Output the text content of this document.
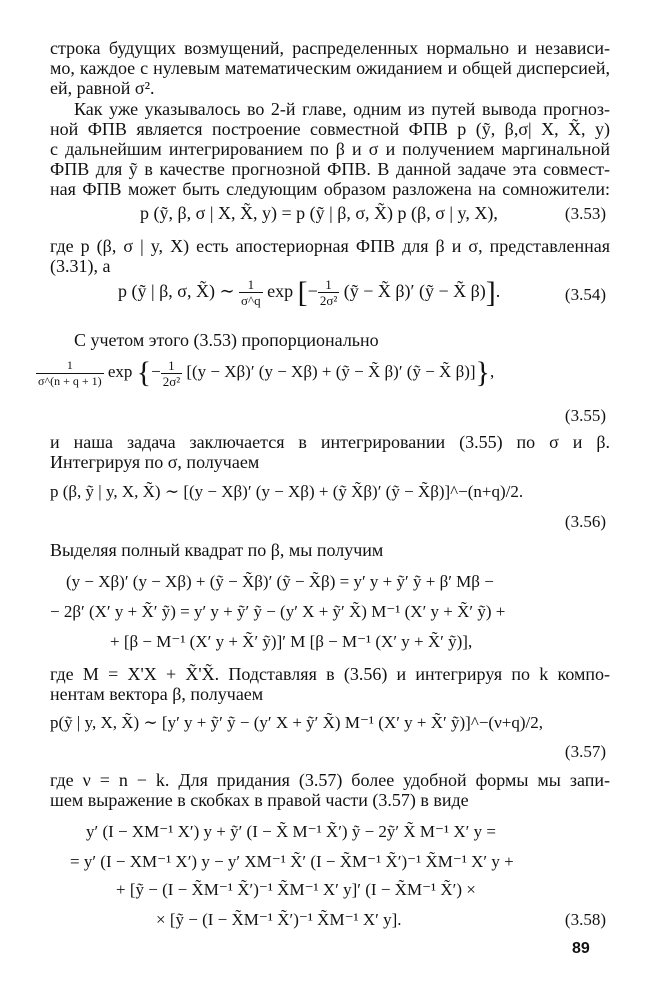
строка будущих возмущений, распределенных нормально и независи-
мо, каждое с нулевым математическим ожиданием и общей дисперсией,
ей, равной σ².
Как уже указывалось во 2-й главе, одним из путей вывода прогноз-
ной ФПВ является построение совместной ФПВ p (ỹ, β,σ| X, X̃, y)
с дальнейшим интегрированием по β и σ и получением маргинальной
ФПВ для ỹ в качестве прогнозной ФПВ. В данной задаче эта совмест-
ная ФПВ может быть следующим образом разложена на сомножители:
p (ỹ, β, σ | X, X̃, y) = p (ỹ | β, σ, X̃) p (β, σ | y, X),	(3.53)
где p (β, σ | y, X) есть апостериорная ФПВ для β и σ, представленная
(3.31), а
p (ỹ | β, σ, X̃) ∼ $\frac{1}{\sigma\^{}q}$ exp [− $\frac{1}{\text{2σ²}}$ (ỹ − X̃ β)′ (ỹ − X̃ β)].	(3.54)
С учетом этого (3.53) пропорционально
$\frac{1}{\sigma\^{}(n + q + 1)}$ exp {− $\frac{1}{\text{2σ²}} [(y - X\beta)'$ (y − Xβ) + (ỹ − X̃ β)′ (ỹ − X̃ β)]},
(3.55)
и наша задача заключается в интегрировании (3.55) по σ и β.
Интегрируя по σ, получаем
p (β, ỹ | y, X, X̃) ∼ [(y − Xβ)′ (y − Xβ) + (ỹ X̃β)′ (ỹ − X̃β)]^−(n+q)/2.
(3.56)
Выделяя полный квадрат по β, мы получим
(y − Xβ)′ (y − Xβ) + (ỹ − X̃β)′ (ỹ − X̃β) = y′ y + ỹ′ ỹ + β′ Mβ −
− 2β′ (X′ y + X̃′ ỹ) = y′ y + ỹ′ ỹ − (y′ X + ỹ′ X̃) M⁻¹ (X′ y + X̃′ ỹ) +
+ [β − M⁻¹ (X′ y + X̃′ ỹ)]′ M [β − M⁻¹ (X′ y + X̃′ ỹ)],
где M = X'X + X̃'X̃. Подставляя в (3.56) и интегрируя по k компо-
нентам вектора β, получаем
p(ỹ | y, X, X̃) ∼ [y′ y + ỹ′ ỹ − (y′ X + ỹ′ X̃) M⁻¹ (X′ y + X̃′ ỹ)]^−(ν+q)/2,
(3.57)
где ν = n − k. Для придания (3.57) более удобной формы мы запи-
шем выражение в скобках в правой части (3.57) в виде
y′ (I − XM⁻¹ X′) y + ỹ′ (I − X̃ M⁻¹ X̃′) ỹ − 2ỹ′ X̃ M⁻¹ X′ y =
= y′ (I − XM⁻¹ X′) y − y′ XM⁻¹ X̃′ (I − X̃M⁻¹ X̃′)⁻¹ X̃M⁻¹ X′ y +
+ [ỹ − (I − X̃M⁻¹ X̃′)⁻¹ X̃M⁻¹ X′ y]′ (I − X̃M⁻¹ X̃′) ×
× [ỹ − (I − X̃M⁻¹ X̃′)⁻¹ X̃M⁻¹ X′ y].	(3.58)
89
